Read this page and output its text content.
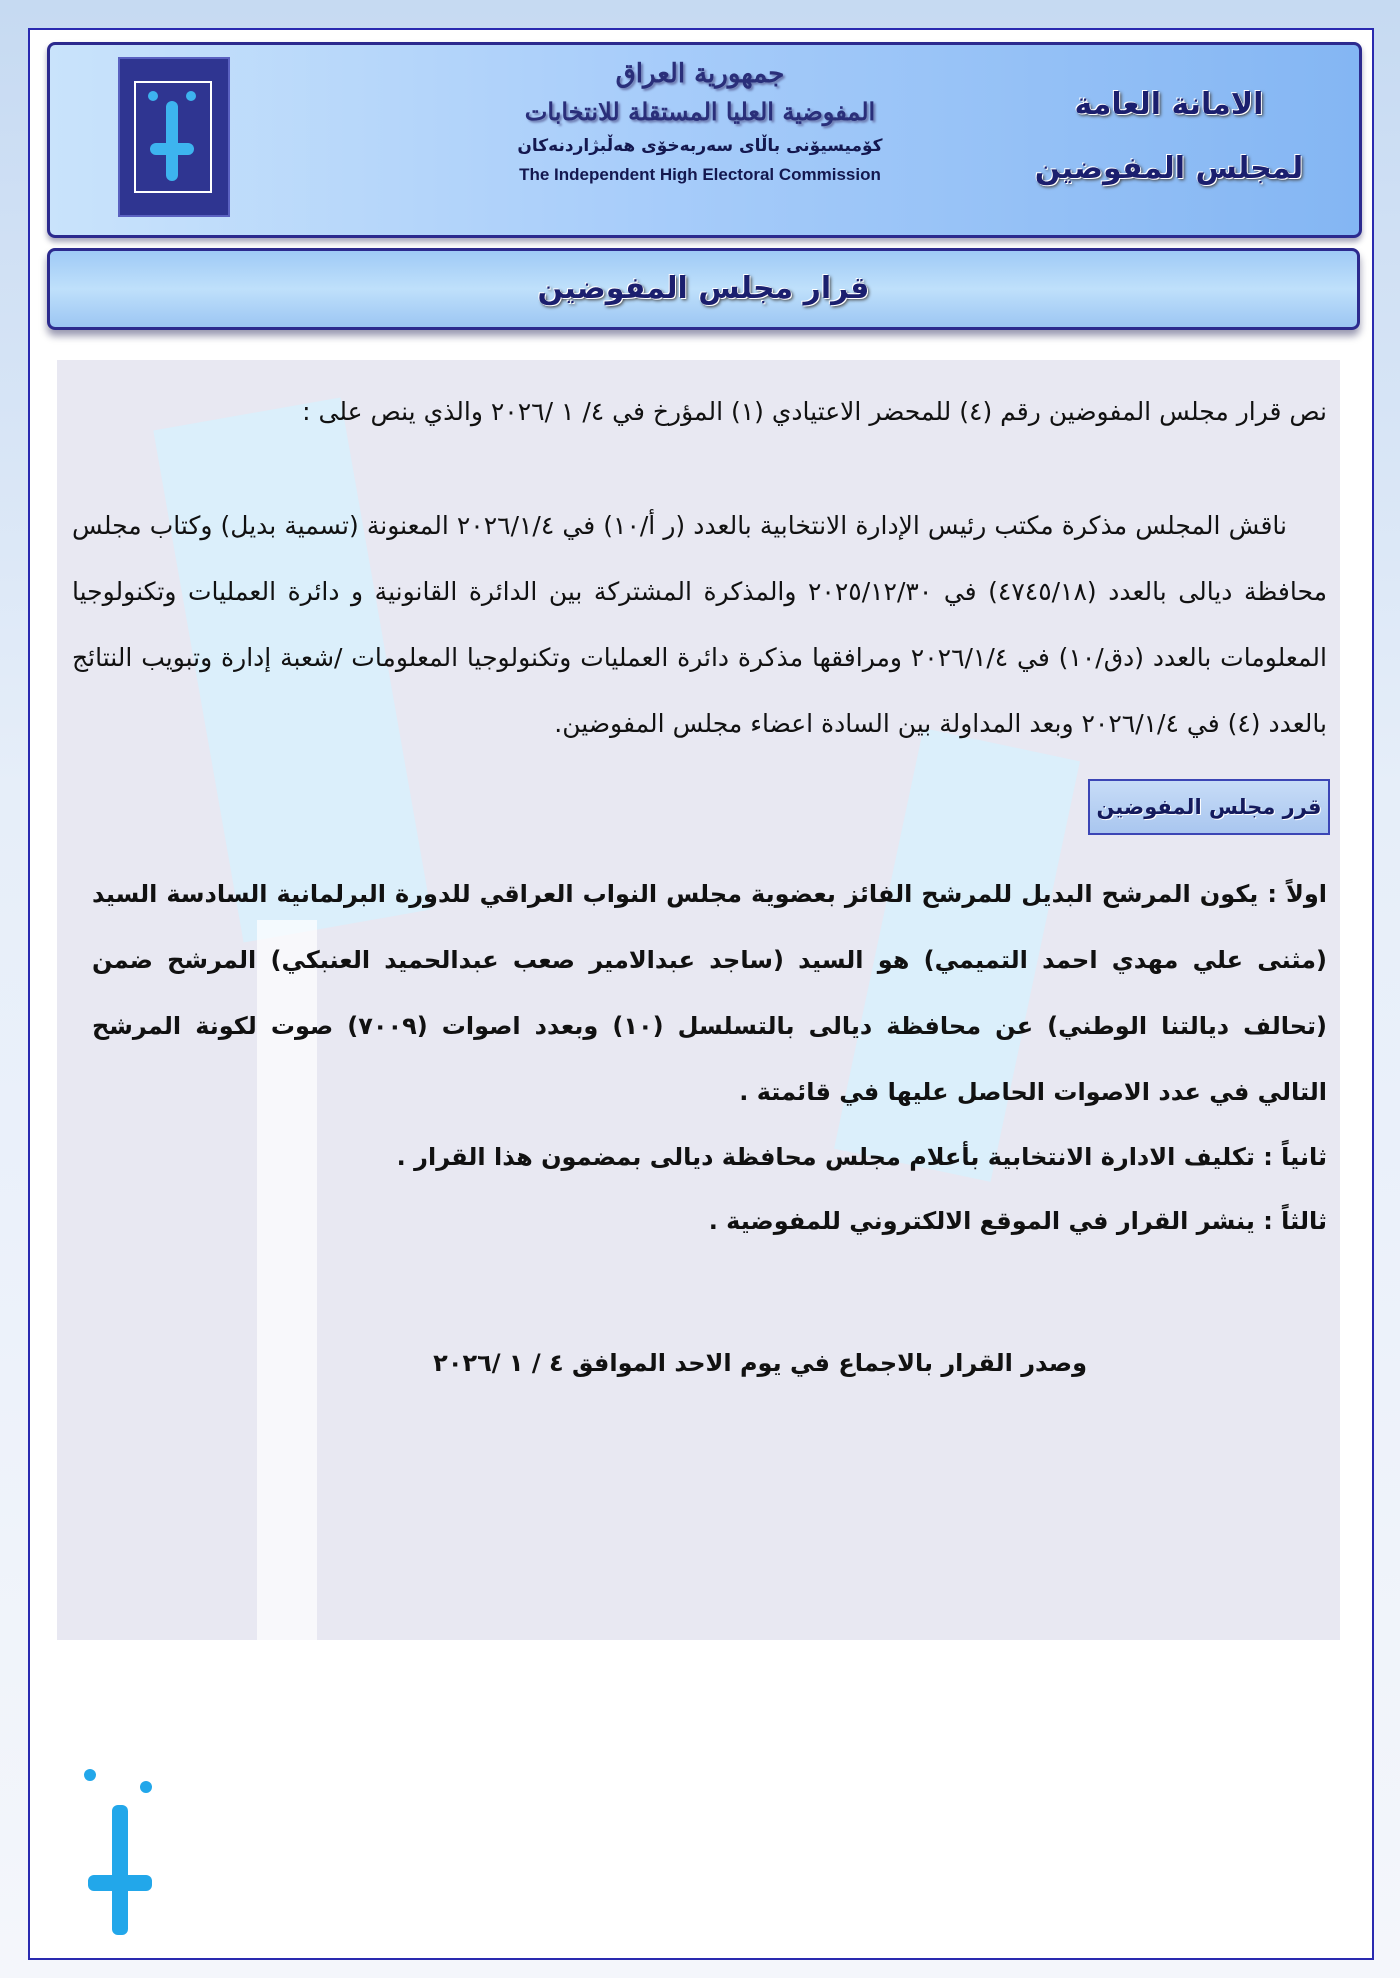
جمهورية العراق
المفوضية العليا المستقلة للانتخابات
كۆمیسیۆنی باڵای سەربەخۆی هەڵبژاردنەکان
The Independent High Electoral Commission
الامانة العامة
لمجلس المفوضين
قرار مجلس المفوضين

نص قرار مجلس المفوضين رقم (٤) للمحضر الاعتيادي (١) المؤرخ في ٤/ ١ /٢٠٢٦ والذي ينص على :

ناقش المجلس مذكرة مكتب رئيس الإدارة الانتخابية بالعدد (ر أ/١٠) في ٢٠٢٦/١/٤ المعنونة (تسمية بديل) وكتاب مجلس محافظة ديالى بالعدد (٤٧٤٥/١٨) في ٢٠٢٥/١٢/٣٠ والمذكرة المشتركة بين الدائرة القانونية و دائرة العمليات وتكنولوجيا المعلومات بالعدد (دق/١٠) في ٢٠٢٦/١/٤ ومرافقها مذكرة دائرة العمليات وتكنولوجيا المعلومات /شعبة إدارة وتبويب النتائج بالعدد (٤) في ٢٠٢٦/١/٤ وبعد المداولة بين السادة اعضاء مجلس المفوضين.

قرر مجلس المفوضين
اولاً : يكون المرشح البديل للمرشح الفائز بعضوية مجلس النواب العراقي للدورة البرلمانية السادسة السيد (مثنى علي مهدي احمد التميمي) هو السيد (ساجد عبدالامير صعب عبدالحميد العنبكي) المرشح ضمن (تحالف ديالتنا الوطني) عن محافظة ديالى بالتسلسل (١٠) وبعدد اصوات (٧٠٠٩) صوت لكونة المرشح التالي في عدد الاصوات الحاصل عليها في قائمتة .
ثانياً : تكليف الادارة الانتخابية بأعلام مجلس محافظة ديالى بمضمون هذا القرار .
ثالثاً : ينشر القرار في الموقع الالكتروني للمفوضية .
وصدر القرار بالاجماع في يوم الاحد الموافق ٤ / ١ /٢٠٢٦
